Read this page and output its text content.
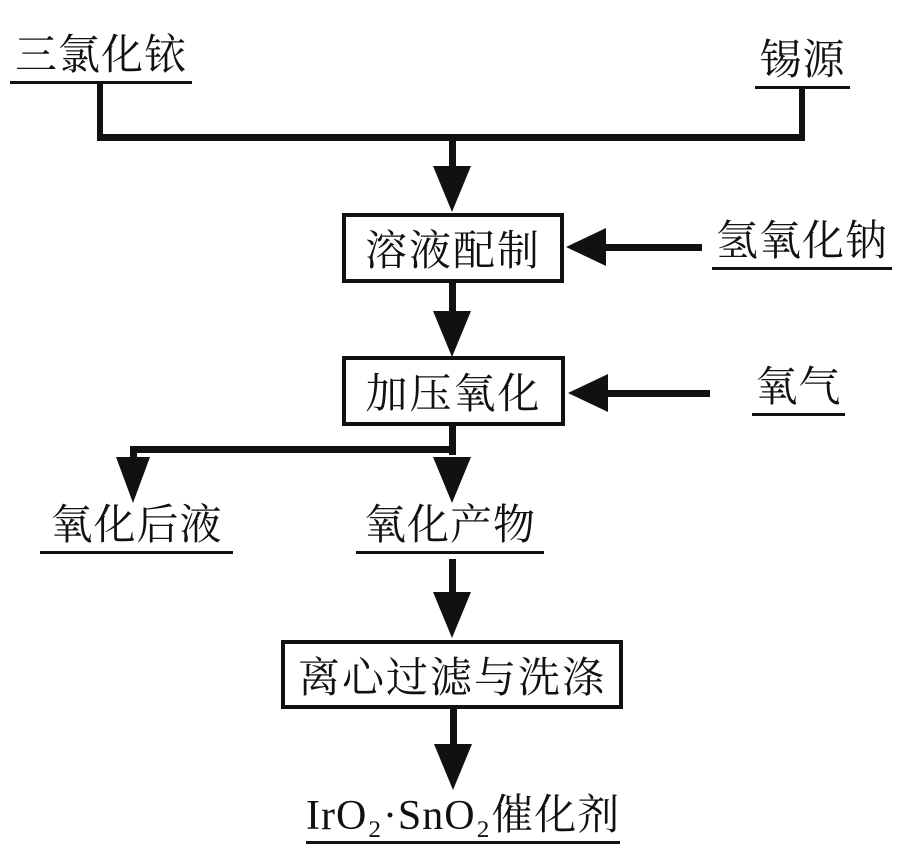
三氯化铱	锡源
溶液配制	氢氧化钠
加压氧化	氧气
氧化后液	氧化产物
离心过滤与洗涤
IrO₂·SnO₂催化剂
